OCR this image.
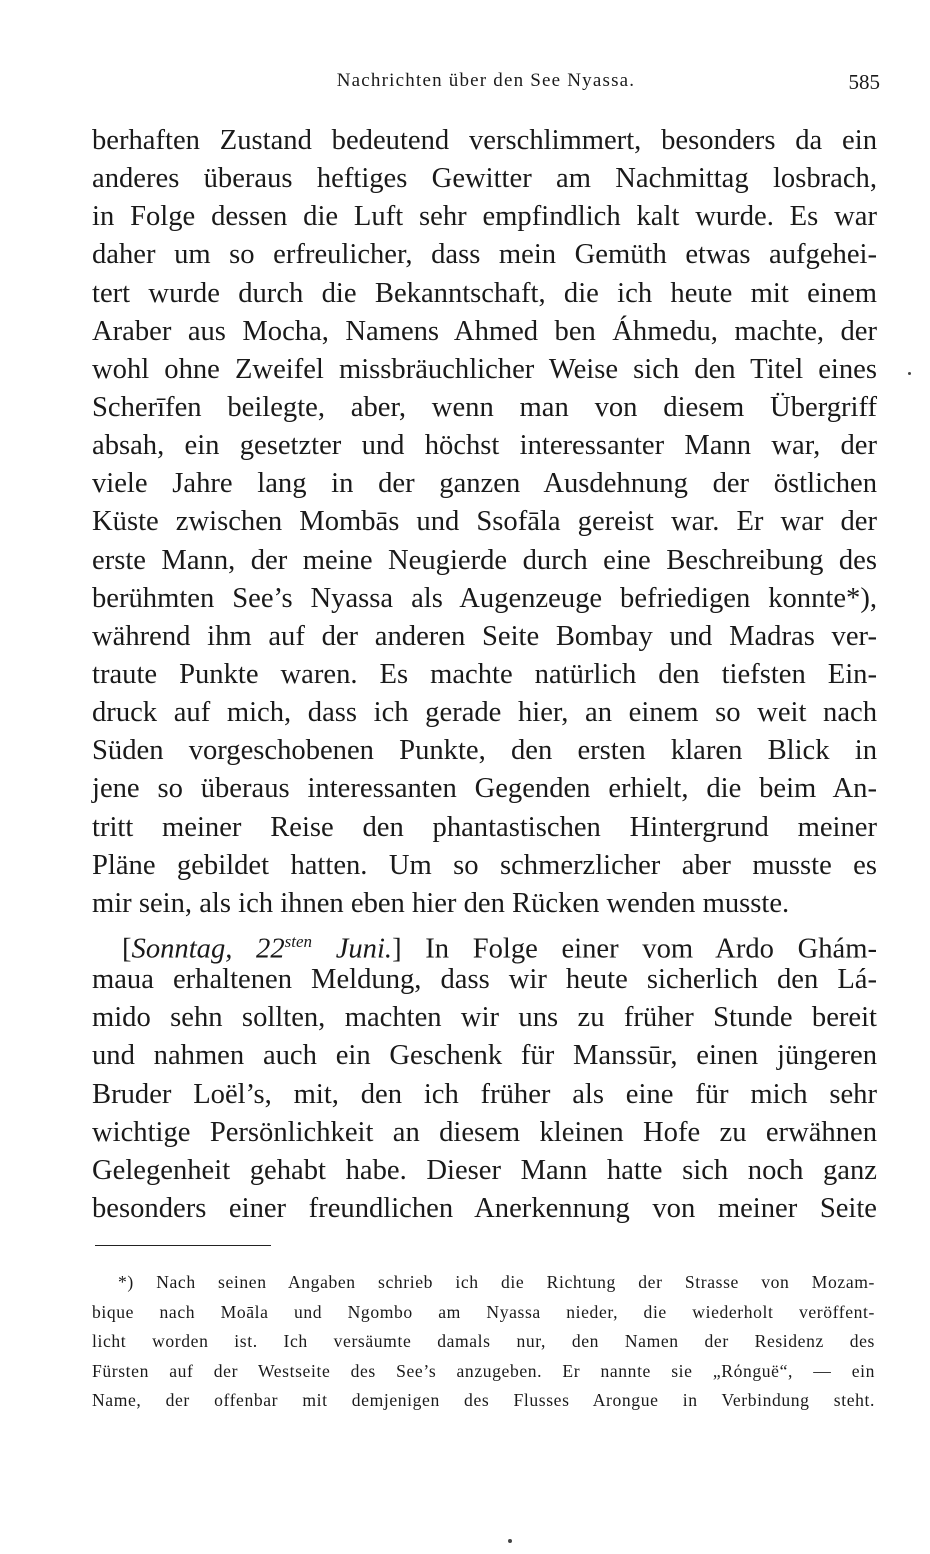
Nachrichten über den See Nyassa.	585
berhaften Zustand bedeutend verschlimmert, besonders da ein
anderes überaus heftiges Gewitter am Nachmittag losbrach,
in Folge dessen die Luft sehr empfindlich kalt wurde. Es war
daher um so erfreulicher, dass mein Gemüth etwas aufgehei-
tert wurde durch die Bekanntschaft, die ich heute mit einem
Araber aus Mocha, Namens Ahmed ben Áhmedu, machte, der
wohl ohne Zweifel missbräuchlicher Weise sich den Titel eines
Scherīfen beilegte, aber, wenn man von diesem Übergriff
absah, ein gesetzter und höchst interessanter Mann war, der
viele Jahre lang in der ganzen Ausdehnung der östlichen
Küste zwischen Mombās und Ssofāla gereist war. Er war der
erste Mann, der meine Neugierde durch eine Beschreibung des
berühmten See’s Nyassa als Augenzeuge befriedigen konnte*),
während ihm auf der anderen Seite Bombay und Madras ver-
traute Punkte waren. Es machte natürlich den tiefsten Ein-
druck auf mich, dass ich gerade hier, an einem so weit nach
Süden vorgeschobenen Punkte, den ersten klaren Blick in
jene so überaus interessanten Gegenden erhielt, die beim An-
tritt meiner Reise den phantastischen Hintergrund meiner
Pläne gebildet hatten. Um so schmerzlicher aber musste es
mir sein, als ich ihnen eben hier den Rücken wenden musste.
[Sonntag, $22^{sten}$ Juni.] In Folge einer vom Ardo Ghám-
maua erhaltenen Meldung, dass wir heute sicherlich den Lá-
mido sehn sollten, machten wir uns zu früher Stunde bereit
und nahmen auch ein Geschenk für Manssūr, einen jüngeren
Bruder Loël’s, mit, den ich früher als eine für mich sehr
wichtige Persönlichkeit an diesem kleinen Hofe zu erwähnen
Gelegenheit gehabt habe. Dieser Mann hatte sich noch ganz
besonders einer freundlichen Anerkennung von meiner Seite
*) Nach seinen Angaben schrieb ich die Richtung der Strasse von Mozam-
bique nach Moāla und Ngombo am Nyassa nieder, die wiederholt veröffent-
licht worden ist. Ich versäumte damals nur, den Namen der Residenz des
Fürsten auf der Westseite des See’s anzugeben. Er nannte sie „Rόnguë“, — ein
Name, der offenbar mit demjenigen des Flusses Arongue in Verbindung steht.
